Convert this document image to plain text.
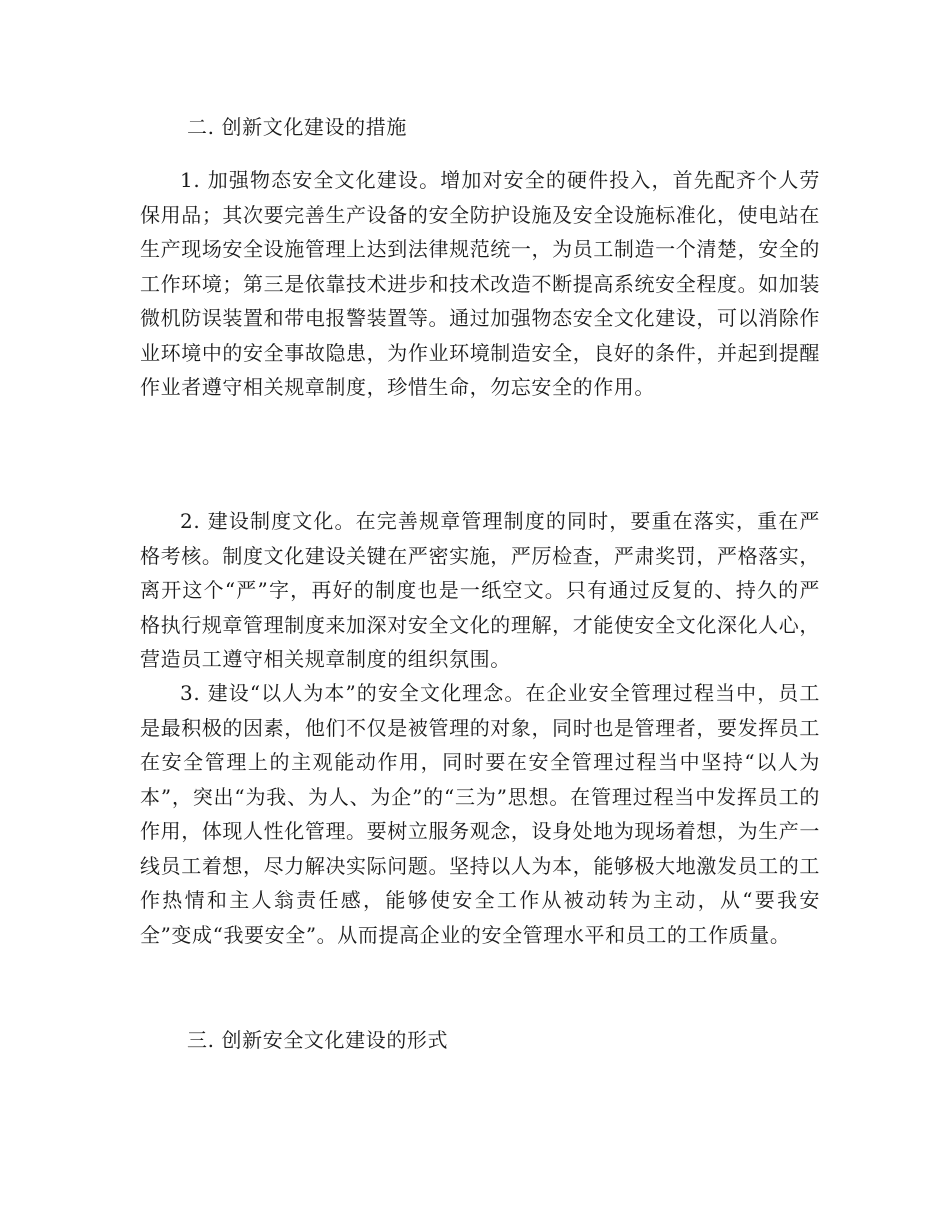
二. 创新文化建设的措施

1. 加强物态安全文化建设。增加对安全的硬件投入，首先配齐个人劳保用品；其次要完善生产设备的安全防护设施及安全设施标准化，使电站在生产现场安全设施管理上达到法律规范统一，为员工制造一个清楚，安全的工作环境；第三是依靠技术进步和技术改造不断提高系统安全程度。如加装微机防误装置和带电报警装置等。通过加强物态安全文化建设，可以消除作业环境中的安全事故隐患，为作业环境制造安全，良好的条件，并起到提醒作业者遵守相关规章制度，珍惜生命，勿忘安全的作用。

2. 建设制度文化。在完善规章管理制度的同时，要重在落实，重在严格考核。制度文化建设关键在严密实施，严厉检查，严肃奖罚，严格落实，离开这个“严”字，再好的制度也是一纸空文。只有通过反复的、持久的严格执行规章管理制度来加深对安全文化的理解，才能使安全文化深化人心，营造员工遵守相关规章制度的组织氛围。

3. 建设“以人为本”的安全文化理念。在企业安全管理过程当中，员工是最积极的因素，他们不仅是被管理的对象，同时也是管理者，要发挥员工在安全管理上的主观能动作用，同时要在安全管理过程当中坚持“以人为本”，突出“为我、为人、为企”的“三为”思想。在管理过程当中发挥员工的作用，体现人性化管理。要树立服务观念，设身处地为现场着想，为生产一线员工着想，尽力解决实际问题。坚持以人为本，能够极大地激发员工的工作热情和主人翁责任感，能够使安全工作从被动转为主动，从“要我安全”变成“我要安全”。从而提高企业的安全管理水平和员工的工作质量。

三. 创新安全文化建设的形式
